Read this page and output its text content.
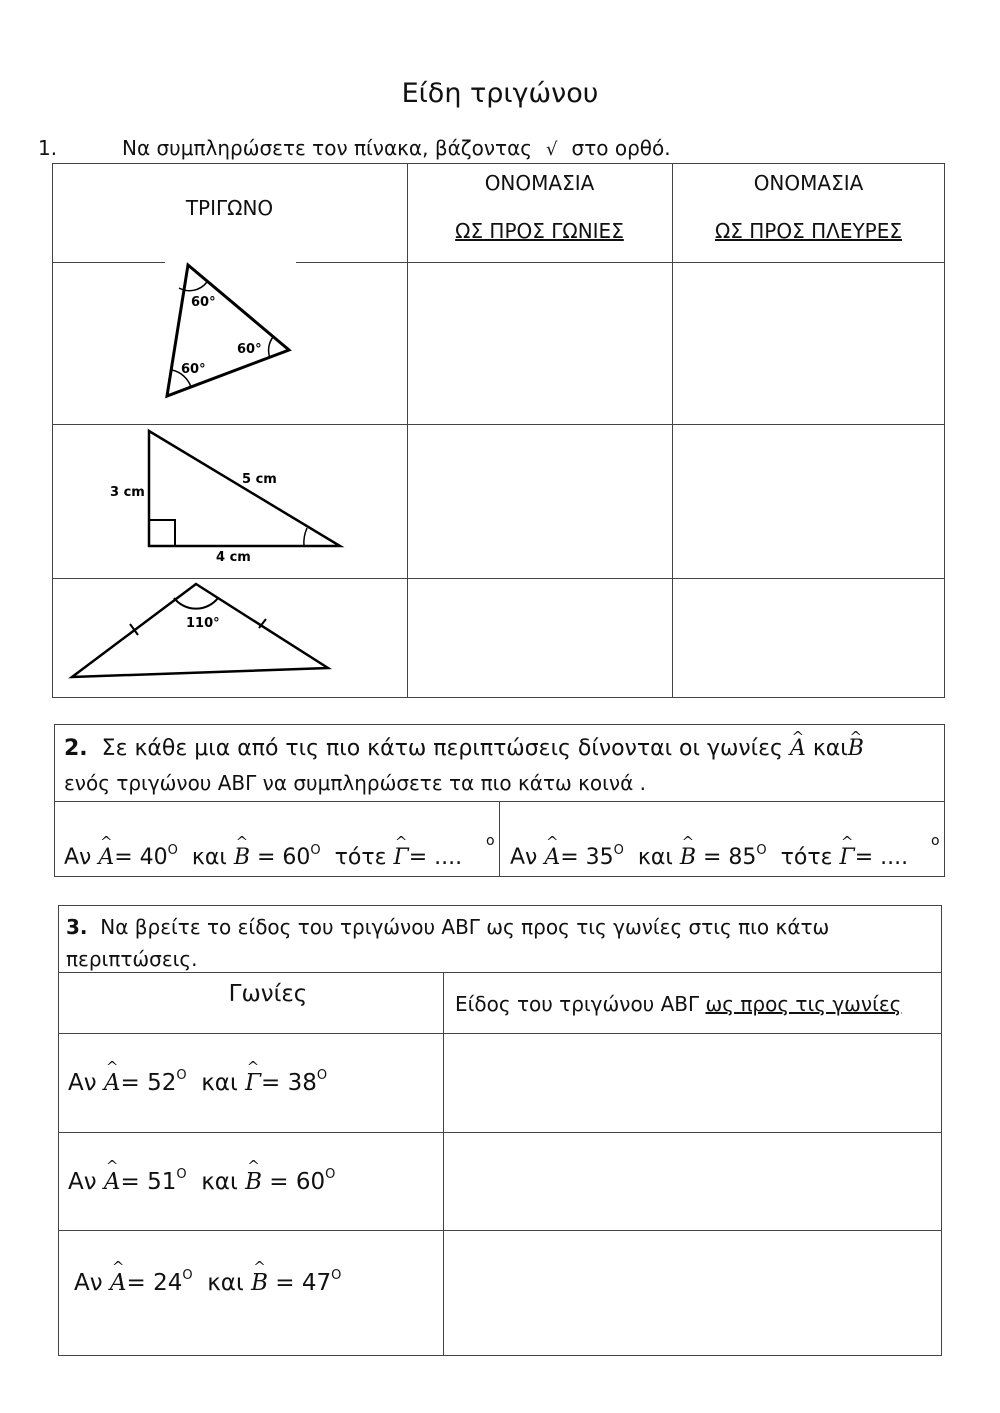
Είδη τριγώνου
1.	Να συμπληρώσετε τον πίνακα, βάζοντας √ στο ορθό.
ΤΡΙΓΩΝΟ
ΟΝΟΜΑΣΙΑ
ΩΣ ΠΡΟΣ ΓΩΝΙΕΣ
ΟΝΟΜΑΣΙΑ
ΩΣ ΠΡΟΣ ΠΛΕΥΡΕΣ
60°
60°
60°
3 cm
5 cm
4 cm
110°
2. Σε κάθε μια από τις πιο κάτω περιπτώσεις δίνονται οι γωνίες ^ A και^ B
ενός τριγώνου ΑΒΓ να συμπληρώσετε τα πιο κάτω κοινά .
Αν ^ $A= 40^O$ και ^ $B = 60^O$ τότε ^ Γ= ....
o
Αν ^ $A= 35^O$ και ^ $B = 85^O$ τότε ^ Γ= ....
o
3. Να βρείτε το είδος του τριγώνου ΑΒΓ ως προς τις γωνίες στις πιο κάτω περιπτώσεις.
Γωνίες	Είδος του τριγώνου ΑΒΓ ως προς τις γωνίες
Αν ^ $A= 52^O$ και ^ $\Gamma= 38^O$
Αν ^ $A= 51^O$ και ^ $B = 60^O$
Αν ^ $A= 24^O$ και ^ $B = 47^O$
